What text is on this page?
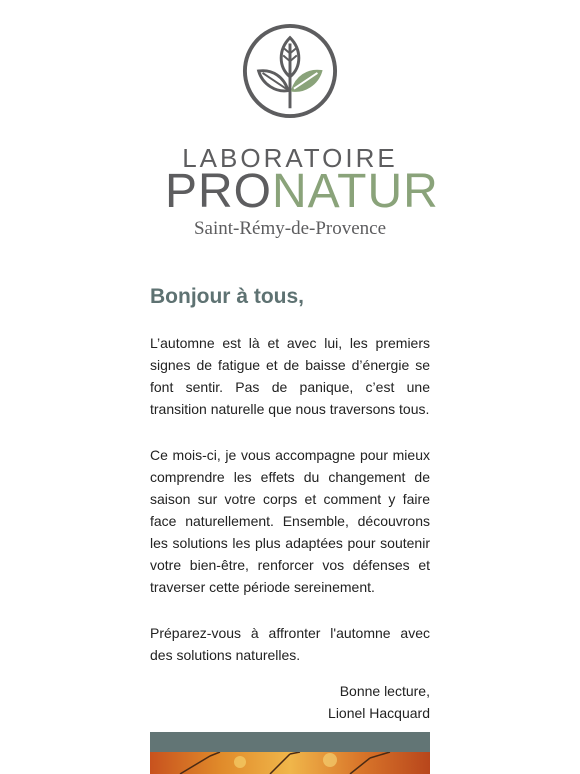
LABORATOIRE
PRONATUR
Saint-Rémy-de-Provence
Bonjour à tous,

L’automne est là et avec lui, les premiers signes de fatigue et de baisse d’énergie se font sentir. Pas de panique, c’est une transition naturelle que nous traversons tous.

Ce mois-ci, je vous accompagne pour mieux comprendre les effets du changement de saison sur votre corps et comment y faire face naturellement. Ensemble, découvrons les solutions les plus adaptées pour soutenir votre bien-être, renforcer vos défenses et traverser cette période sereinement.

Préparez-vous à affronter l'automne avec des solutions naturelles.

Bonne lecture,
Lionel Hacquard
